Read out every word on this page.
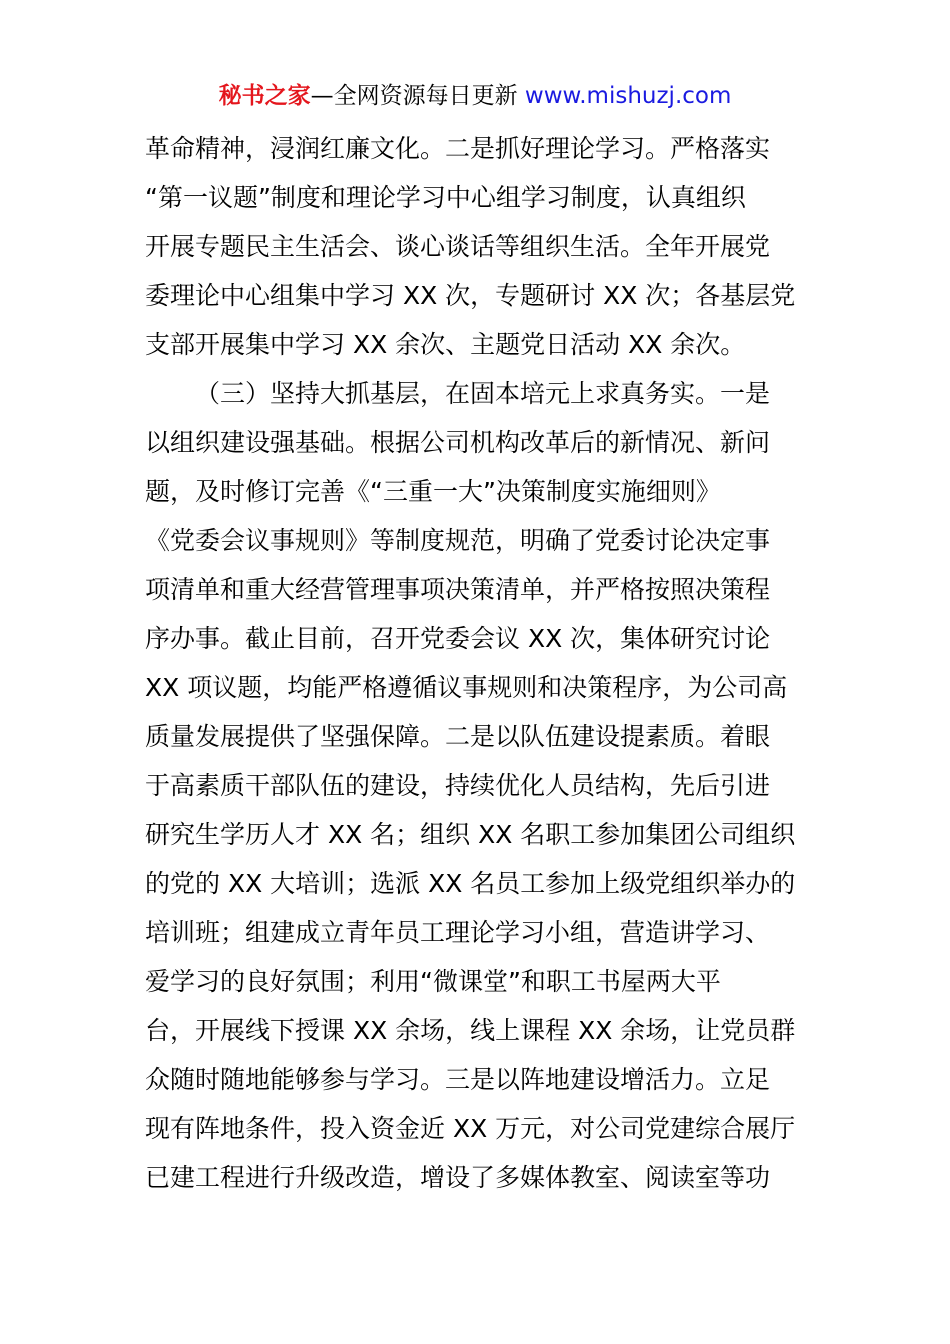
秘书之家—全网资源每日更新 www.mishuzj.com
革命精神，浸润红廉文化。二是抓好理论学习。严格落实
“第一议题”制度和理论学习中心组学习制度，认真组织
开展专题民主生活会、谈心谈话等组织生活。全年开展党
委理论中心组集中学习 XX 次，专题研讨 XX 次；各基层党
支部开展集中学习 XX 余次、主题党日活动 XX 余次。
（三）坚持大抓基层，在固本培元上求真务实。一是
以组织建设强基础。根据公司机构改革后的新情况、新问
题，及时修订完善《“三重一大”决策制度实施细则》
《党委会议事规则》等制度规范，明确了党委讨论决定事
项清单和重大经营管理事项决策清单，并严格按照决策程
序办事。截止目前，召开党委会议 XX 次，集体研究讨论
XX 项议题，均能严格遵循议事规则和决策程序，为公司高
质量发展提供了坚强保障。二是以队伍建设提素质。着眼
于高素质干部队伍的建设，持续优化人员结构，先后引进
研究生学历人才 XX 名；组织 XX 名职工参加集团公司组织
的党的 XX 大培训；选派 XX 名员工参加上级党组织举办的
培训班；组建成立青年员工理论学习小组，营造讲学习、
爱学习的良好氛围；利用“微课堂”和职工书屋两大平
台，开展线下授课 XX 余场，线上课程 XX 余场，让党员群
众随时随地能够参与学习。三是以阵地建设增活力。立足
现有阵地条件，投入资金近 XX 万元，对公司党建综合展厅
已建工程进行升级改造，增设了多媒体教室、阅读室等功
